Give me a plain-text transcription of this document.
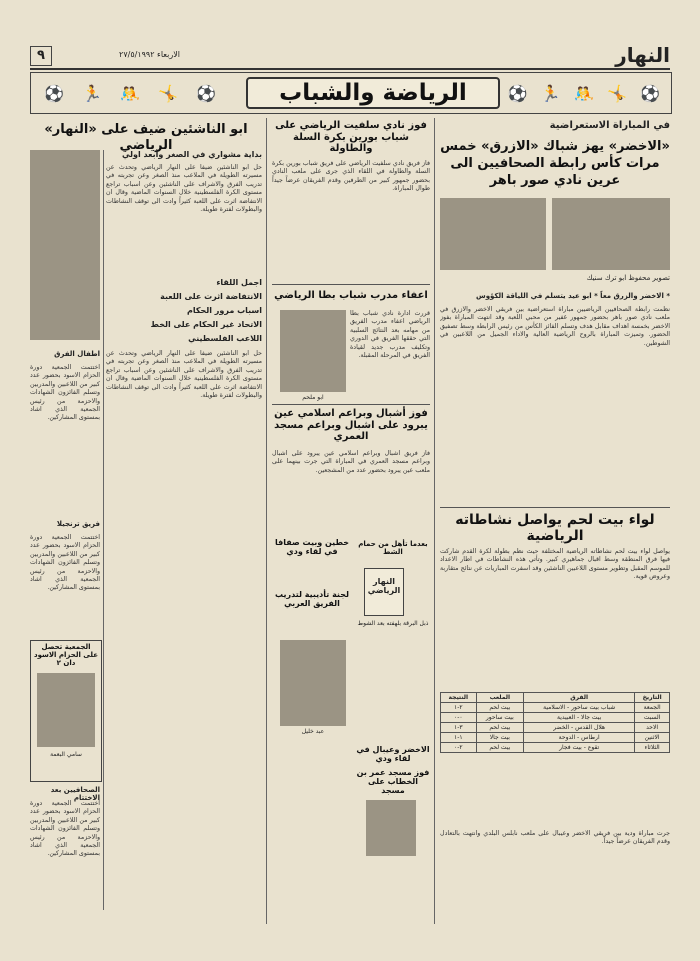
٩	الاربعاء ٢٧/٥/١٩٩٢	النهار
⚽ 🏃 🤼 🤸 ⚽	الرياضة والشباب	⚽ 🏃 🤼 🤸 ⚽
في المباراة الاستعراضية
«الاخضر» يهز شباك «الازرق» خمس مرات كأس رابطة الصحافيين الى عرين نادي صور باهر
تصوير محفوظ ابو ترك سنيك
* الاخضر والزرق معاً * ابو عيد يتسلم في اللياقة الكؤوس
نظمت رابطة الصحافيين الرياضيين مباراة استعراضية بين فريقي الاخضر والازرق في ملعب نادي صور باهر بحضور جمهور غفير من محبي اللعبة وقد انتهت المباراة بفوز الاخضر بخمسة اهداف مقابل هدف وتسلم الفائز الكأس من رئيس الرابطة وسط تصفيق الحضور. وتميزت المباراة بالروح الرياضية العالية والاداء الجميل من اللاعبين في الشوطين.
لواء بيت لحم يواصل نشاطاته الرياضية
يواصل لواء بيت لحم نشاطاته الرياضية المختلفة حيث نظم بطولة لكرة القدم شاركت فيها فرق المنطقة وسط اقبال جماهيري كبير. وتأتي هذه النشاطات في اطار الاعداد للموسم المقبل وتطوير مستوى اللاعبين الناشئين وقد اسفرت المباريات عن نتائج متقاربة وعروض قوية.
التاريخ	الفرق	الملعب	النتيجة
الجمعة	شباب بيت ساحور - الاسلامية	بيت لحم	٢-١
السبت	بيت جالا - العبيدية	بيت ساحور	٠-٠
الاحد	هلال القدس - الخضر	بيت لحم	٣-١
الاثنين	ارطاس - الدوحة	بيت جالا	١-١
الثلاثاء	تقوع - بيت فجار	بيت لحم	٢-٠
جرت مباراة ودية بين فريقي الاخضر وعيبال على ملعب نابلس البلدي وانتهت بالتعادل وقدم الفريقان عرضاً جيداً.
فوز نادي سلفيت الرياضي على شباب بورين بكرة السلة والطاولة
فاز فريق نادي سلفيت الرياضي على فريق شباب بورين بكرة السلة والطاولة في اللقاء الذي جرى على ملعب النادي بحضور جمهور كبير من الطرفين وقدم الفريقان عرضاً جيداً طوال المباراة.
اعفاء مدرب شباب بطا الرياضي
ابو ملحم
قررت ادارة نادي شباب بطا الرياضي اعفاء مدرب الفريق من مهامه بعد النتائج السلبية التي حققها الفريق في الدوري وتكليف مدرب جديد لقيادة الفريق في المرحلة المقبلة.
فوز أشبال وبراعم اسلامي عين يبرود على اشبال وبراعم مسجد العمري
فاز فريق اشبال وبراعم اسلامي عين يبرود على اشبال وبراعم مسجد العمري في المباراة التي جرت بينهما على ملعب عين يبرود بحضور عدد من المشجعين.
خطين وبيت صفافا في لقاء ودي
لجنة تأديبية لتدريب الفريق العربي
عبد خليل
النهار الرياضي
بعدما تأهل من حمام الشط
ذبل البرقة بلهفته بعد الشوط
الاخضر وعيبال في لقاء ودي
فوز مسجد عمر بن الخطاب على مسجد
ابو الناشئين ضيف على «النهار» الرياضي
بداية مشواري في الصغر وأبعد اولي
حل ابو الناشئين ضيفاً على النهار الرياضي وتحدث عن مسيرته الطويلة في الملاعب منذ الصغر وعن تجربته في تدريب الفرق والاشراف على الناشئين وعن اسباب تراجع مستوى الكرة الفلسطينية خلال السنوات الماضية وقال ان الانتفاضة اثرت على اللعبة كثيراً وادت الى توقف النشاطات والبطولات لفترة طويلة.
اجمل اللقاء
الانتفاضة اثرت على اللعبة
اسباب مرور الحكام
الاتحاد غير الحكام على الخط
اللاعب الفلسطيني
حل ابو الناشئين ضيفاً على النهار الرياضي وتحدث عن مسيرته الطويلة في الملاعب منذ الصغر وعن تجربته في تدريب الفرق والاشراف على الناشئين وعن اسباب تراجع مستوى الكرة الفلسطينية خلال السنوات الماضية وقال ان الانتفاضة اثرت على اللعبة كثيراً وادت الى توقف النشاطات والبطولات لفترة طويلة.
اطفال الفرق
اختتمت الجمعية دورة الحزام الاسود بحضور عدد كبير من اللاعبين والمدربين وتسلم الفائزون الشهادات والاحزمة من رئيس الجمعية الذي اشاد بمستوى المشاركين.
فريق ترنجيلا
اختتمت الجمعية دورة الحزام الاسود بحضور عدد كبير من اللاعبين والمدربين وتسلم الفائزون الشهادات والاحزمة من رئيس الجمعية الذي اشاد بمستوى المشاركين.
الجمعية تحصل على الحزام الاسود دان ٢
سامي البعمة
الصحافيين بعد الاختتام
اختتمت الجمعية دورة الحزام الاسود بحضور عدد كبير من اللاعبين والمدربين وتسلم الفائزون الشهادات والاحزمة من رئيس الجمعية الذي اشاد بمستوى المشاركين.
